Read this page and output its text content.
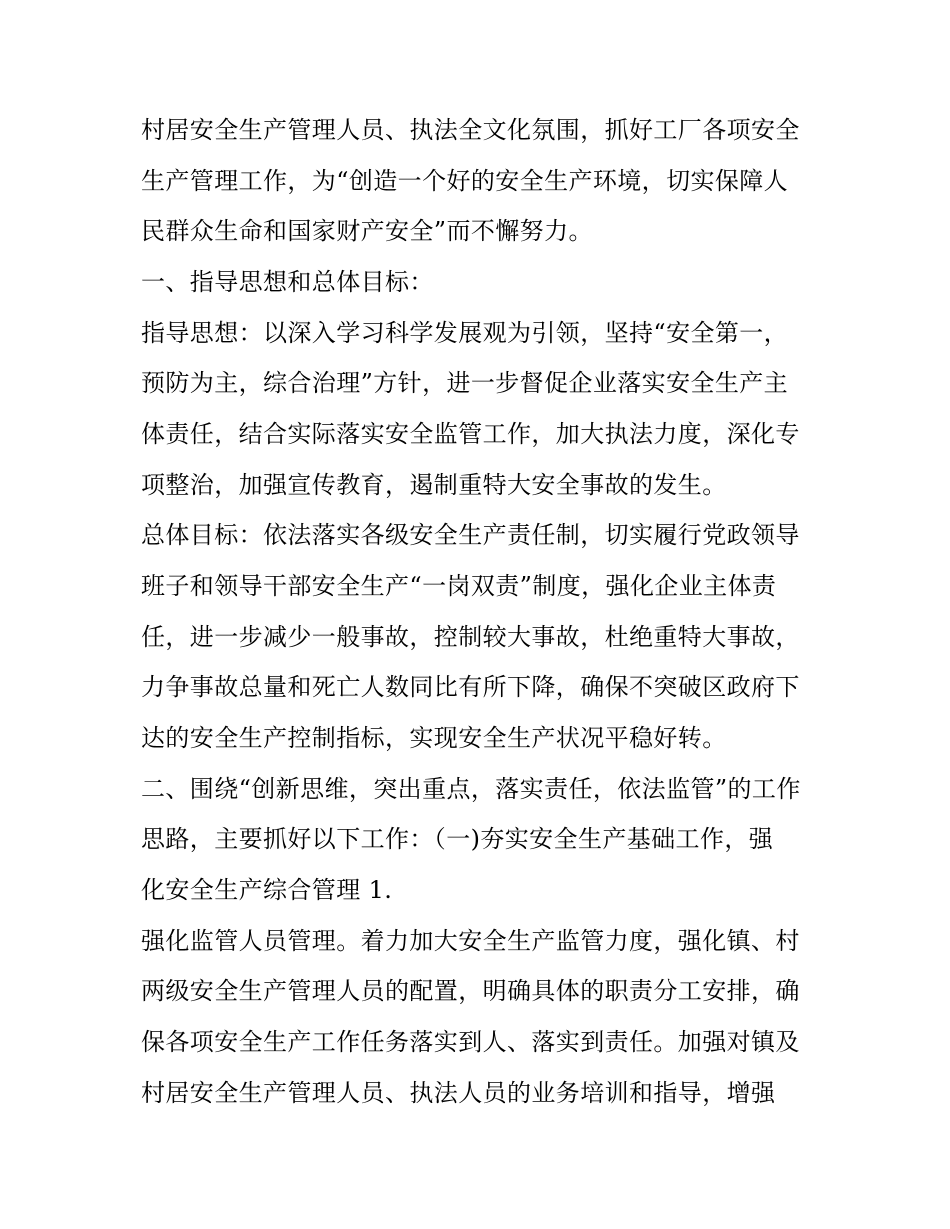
村居安全生产管理人员、执法全文化氛围，抓好工厂各项安全
生产管理工作，为“创造一个好的安全生产环境，切实保障人
民群众生命和国家财产安全”而不懈努力。
一、指导思想和总体目标：
指导思想：以深入学习科学发展观为引领，坚持“安全第一，
预防为主，综合治理”方针，进一步督促企业落实安全生产主
体责任，结合实际落实安全监管工作，加大执法力度，深化专
项整治，加强宣传教育，遏制重特大安全事故的发生。
总体目标：依法落实各级安全生产责任制，切实履行党政领导
班子和领导干部安全生产“一岗双责”制度，强化企业主体责
任，进一步减少一般事故，控制较大事故，杜绝重特大事故，
力争事故总量和死亡人数同比有所下降，确保不突破区政府下
达的安全生产控制指标，实现安全生产状况平稳好转。
二、围绕“创新思维，突出重点，落实责任，依法监管”的工作
思路，主要抓好以下工作：（一)夯实安全生产基础工作，强
化安全生产综合管理 1.
强化监管人员管理。着力加大安全生产监管力度，强化镇、村
两级安全生产管理人员的配置，明确具体的职责分工安排，确
保各项安全生产工作任务落实到人、落实到责任。加强对镇及
村居安全生产管理人员、执法人员的业务培训和指导，增强
